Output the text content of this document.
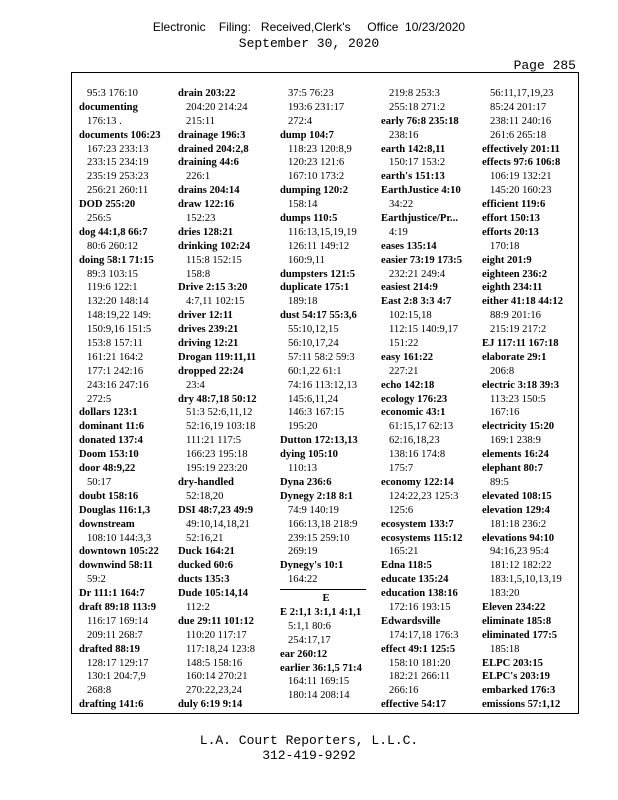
Electronic    Filing:   Received,Clerk's     Office  10/23/2020
September 30, 2020
Page 285
95:3 176:10
documenting
176:13 .
documents 106:23
167:23 233:13
233:15 234:19
235:19 253:23
256:21 260:11
DOD 255:20
256:5
dog 44:1,8 66:7
80:6 260:12
doing 58:1 71:15
89:3 103:15
119:6 122:1
132:20 148:14
148:19,22 149:
150:9,16 151:5
153:8 157:11
161:21 164:2
177:1 242:16
243:16 247:16
272:5
dollars 123:1
dominant 11:6
donated 137:4
Doom 153:10
door 48:9,22
50:17
doubt 158:16
Douglas 116:1,3
downstream
108:10 144:3,3
downtown 105:22
downwind 58:11
59:2
Dr 111:1 164:7
draft 89:18 113:9
116:17 169:14
209:11 268:7
drafted 88:19
128:17 129:17
130:1 204:7,9
268:8
drafting 141:6
drain 203:22
204:20 214:24
215:11
drainage 196:3
drained 204:2,8
draining 44:6
226:1
drains 204:14
draw 122:16
152:23
dries 128:21
drinking 102:24
115:8 152:15
158:8
Drive 2:15 3:20
4:7,11 102:15
driver 12:11
drives 239:21
driving 12:21
Drogan 119:11,11
dropped 22:24
23:4
dry 48:7,18 50:12
51:3 52:6,11,12
52:16,19 103:18
111:21 117:5
166:23 195:18
195:19 223:20
dry-handled
52:18,20
DSI 48:7,23 49:9
49:10,14,18,21
52:16,21
Duck 164:21
ducked 60:6
ducts 135:3
Dude 105:14,14
112:2
due 29:11 101:12
110:20 117:17
117:18,24 123:8
148:5 158:16
160:14 270:21
270:22,23,24
duly 6:19 9:14
37:5 76:23
193:6 231:17
272:4
dump 104:7
118:23 120:8,9
120:23 121:6
167:10 173:2
dumping 120:2
158:14
dumps 110:5
116:13,15,19,19
126:11 149:12
160:9,11
dumpsters 121:5
duplicate 175:1
189:18
dust 54:17 55:3,6
55:10,12,15
56:10,17,24
57:11 58:2 59:3
60:1,22 61:1
74:16 113:12,13
145:6,11,24
146:3 167:15
195:20
Dutton 172:13,13
dying 105:10
110:13
Dyna 236:6
Dynegy 2:18 8:1
74:9 140:19
166:13,18 218:9
239:15 259:10
269:19
Dynegy's 10:1
164:22
E
E 2:1,1 3:1,1 4:1,1
5:1,1 80:6
254:17,17
ear 260:12
earlier 36:1,5 71:4
164:11 169:15
180:14 208:14
219:8 253:3
255:18 271:2
early 76:8 235:18
238:16
earth 142:8,11
150:17 153:2
earth's 151:13
EarthJustice 4:10
34:22
Earthjustice/Pr...
4:19
eases 135:14
easier 73:19 173:5
232:21 249:4
easiest 214:9
East 2:8 3:3 4:7
102:15,18
112:15 140:9,17
151:22
easy 161:22
227:21
echo 142:18
ecology 176:23
economic 43:1
61:15,17 62:13
62:16,18,23
138:16 174:8
175:7
economy 122:14
124:22,23 125:3
125:6
ecosystem 133:7
ecosystems 115:12
165:21
Edna 118:5
educate 135:24
education 138:16
172:16 193:15
Edwardsville
174:17,18 176:3
effect 49:1 125:5
158:10 181:20
182:21 266:11
266:16
effective 54:17
56:11,17,19,23
85:24 201:17
238:11 240:16
261:6 265:18
effectively 201:11
effects 97:6 106:8
106:19 132:21
145:20 160:23
efficient 119:6
effort 150:13
efforts 20:13
170:18
eight 201:9
eighteen 236:2
eighth 234:11
either 41:18 44:12
88:9 201:16
215:19 217:2
EJ 117:11 167:18
elaborate 29:1
206:8
electric 3:18 39:3
113:23 150:5
167:16
electricity 15:20
169:1 238:9
elements 16:24
elephant 80:7
89:5
elevated 108:15
elevation 129:4
181:18 236:2
elevations 94:10
94:16,23 95:4
181:12 182:22
183:1,5,10,13,19
183:20
Eleven 234:22
eliminate 185:8
eliminated 177:5
185:18
ELPC 203:15
ELPC's 203:19
embarked 176:3
emissions 57:1,12
L.A. Court Reporters, L.L.C.
312-419-9292
